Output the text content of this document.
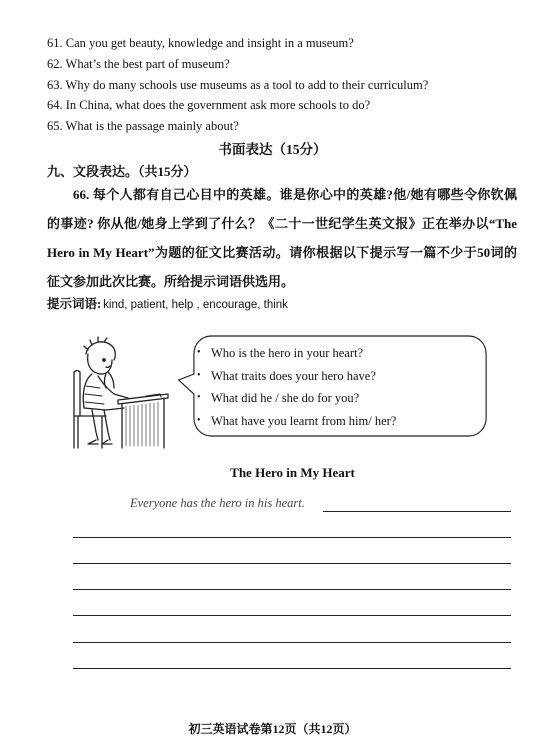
61. Can you get beauty, knowledge and insight in a museum?
62. What’s the best part of museum?
63. Why do many schools use museums as a tool to add to their curriculum?
64. In China, what does the government ask more schools to do?
65. What is the passage mainly about?
书面表达（15分）
九、文段表达。（共15分）
66. 每个人都有自己心目中的英雄。谁是你心中的英雄?他/她有哪些令你钦佩的事迹? 你从他/她身上学到了什么？《二十一世纪学生英文报》正在举办以“The Hero in My Heart”为题的征文比赛活动。请你根据以下提示写一篇不少于50词的征文参加此次比赛。所给提示词语供选用。
提示词语: kind, patient, help , encourage, think
• Who is the hero in your heart?
• What traits does your hero have?
• What did he / she do for you?
• What have you learnt from him/ her?
The Hero in My Heart
Everyone has the hero in his heart.
初三英语试卷第12页（共12页）
